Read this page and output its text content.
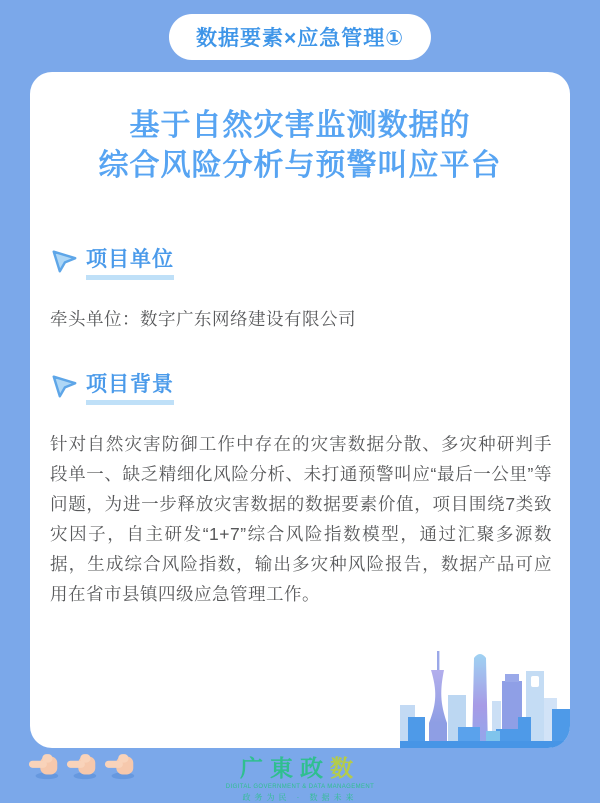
数据要素×应急管理①
基于自然灾害监测数据的
综合风险分析与预警叫应平台
项目单位
牵头单位：数字广东网络建设有限公司
项目背景
针对自然灾害防御工作中存在的灾害数据分散、多灾种研判手段单一、缺乏精细化风险分析、未打通预警叫应“最后一公里”等问题，为进一步释放灾害数据的数据要素价值，项目围绕7类致灾因子，自主研发“1+7”综合风险指数模型，通过汇聚多源数据，生成综合风险指数，输出多灾种风险报告，数据产品可应用在省市县镇四级应急管理工作。
广東政数
DIGITAL GOVERNMENT & DATA MANAGEMENT
政务为民 · 数据未来
